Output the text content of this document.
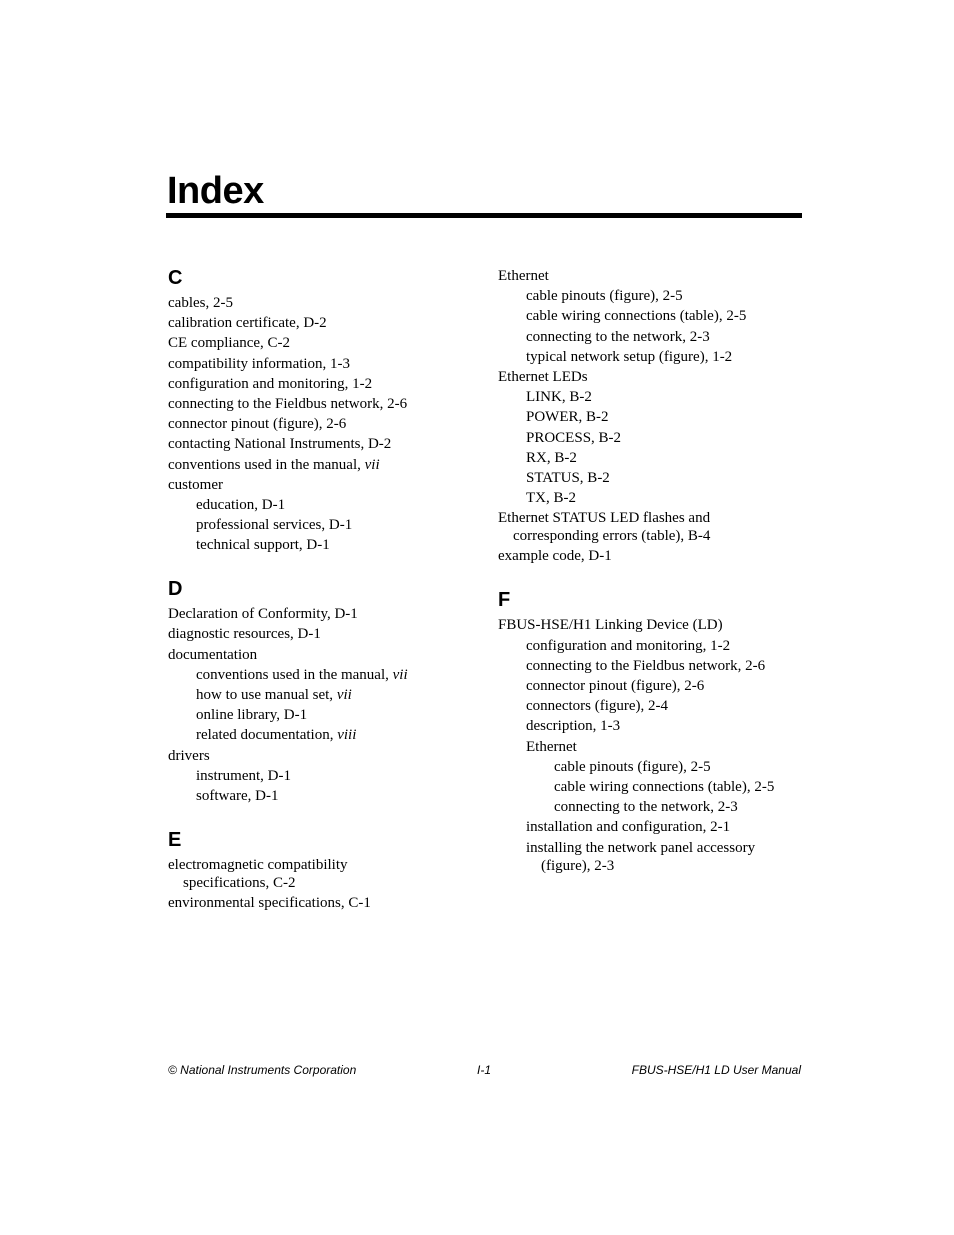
Index
C
cables, 2-5
calibration certificate, D-2
CE compliance, C-2
compatibility information, 1-3
configuration and monitoring, 1-2
connecting to the Fieldbus network, 2-6
connector pinout (figure), 2-6
contacting National Instruments, D-2
conventions used in the manual, vii
customer
education, D-1
professional services, D-1
technical support, D-1
D
Declaration of Conformity, D-1
diagnostic resources, D-1
documentation
conventions used in the manual, vii
how to use manual set, vii
online library, D-1
related documentation, viii
drivers
instrument, D-1
software, D-1
E
electromagnetic compatibility
specifications, C-2
environmental specifications, C-1
Ethernet
cable pinouts (figure), 2-5
cable wiring connections (table), 2-5
connecting to the network, 2-3
typical network setup (figure), 1-2
Ethernet LEDs
LINK, B-2
POWER, B-2
PROCESS, B-2
RX, B-2
STATUS, B-2
TX, B-2
Ethernet STATUS LED flashes and
corresponding errors (table), B-4
example code, D-1
F
FBUS-HSE/H1 Linking Device (LD)
configuration and monitoring, 1-2
connecting to the Fieldbus network, 2-6
connector pinout (figure), 2-6
connectors (figure), 2-4
description, 1-3
Ethernet
cable pinouts (figure), 2-5
cable wiring connections (table), 2-5
connecting to the network, 2-3
installation and configuration, 2-1
installing the network panel accessory
(figure), 2-3
© National Instruments Corporation	I-1	FBUS-HSE/H1 LD User Manual
